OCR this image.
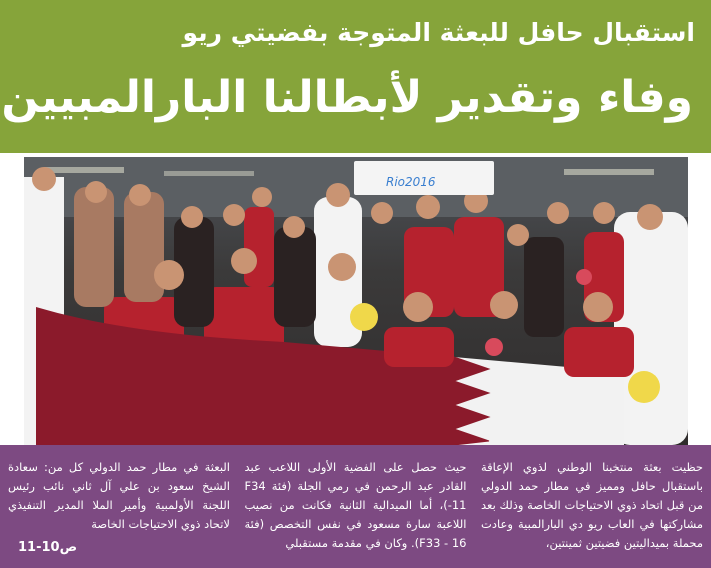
استقبال حافل للبعثة المتوجة بفضيتي ريو
وفاء وتقدير لأبطالنا البارالمبيين
Rio2016
حظيت بعثة منتخبنا الوطني لذوي الإعاقة باستقبال حافل ومميز في مطار حمد الدولي من قبل اتحاد ذوي الاحتياجات الخاصة وذلك بعد مشاركتها في العاب ريو دي البارالمبية وعادت محملة بميداليتين فضيتين ثمينتين،
حيث حصل على الفضية الأولى اللاعب عبد القادر عبد الرحمن في رمي الجلة (فئة F34 11-)، أما الميدالية الثانية فكانت من نصيب اللاعبة سارة مسعود في نفس التخصص (فئة 16 - F33). وكان في مقدمة مستقبلي
البعثة في مطار حمد الدولي كل من: سعادة الشيخ سعود بن علي آل ثاني نائب رئيس اللجنة الأولمبية وأمير الملا المدير التنفيذي لاتحاد ذوي الاحتياجات الخاصة
ص10-11
